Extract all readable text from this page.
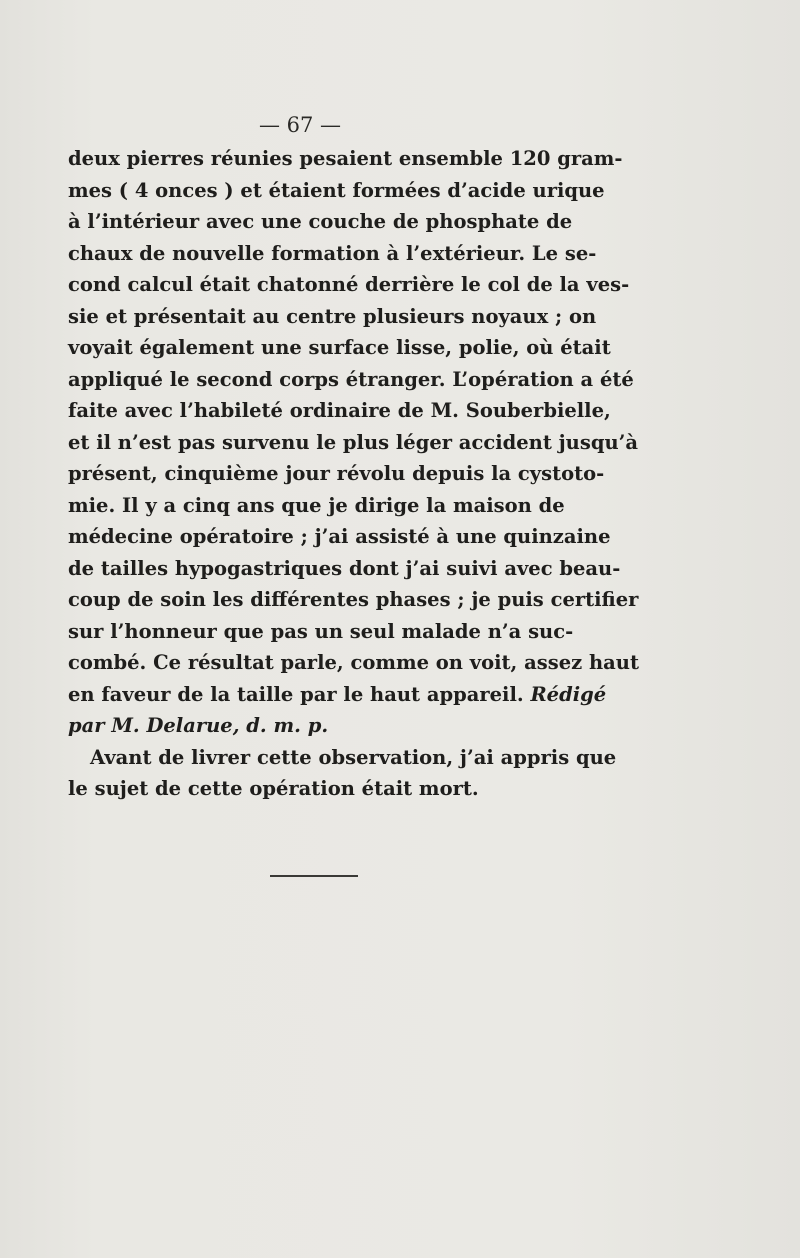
— 67 —
deux pierres réunies pesaient ensemble 120 gram-
mes ( 4 onces ) et étaient formées d’acide urique
à l’intérieur avec une couche de phosphate de
chaux de nouvelle formation à l’extérieur. Le se-
cond calcul était chatonné derrière le col de la ves-
sie et présentait au centre plusieurs noyaux ; on
voyait également une surface lisse, polie, où était
appliqué le second corps étranger. L’opération a été
faite avec l’habileté ordinaire de M. Souberbielle,
et il n’est pas survenu le plus léger accident jusqu’à
présent, cinquième jour révolu depuis la cystoto-
mie. Il y a cinq ans que je dirige la maison de
médecine opératoire ; j’ai assisté à une quinzaine
de tailles hypogastriques dont j’ai suivi avec beau-
coup de soin les différentes phases ; je puis certifier
sur l’honneur que pas un seul malade n’a suc-
combé. Ce résultat parle, comme on voit, assez haut
en faveur de la taille par le haut appareil. Rédigé
par M. Delarue, d. m. p.
Avant de livrer cette observation, j’ai appris que
le sujet de cette opération était mort.
